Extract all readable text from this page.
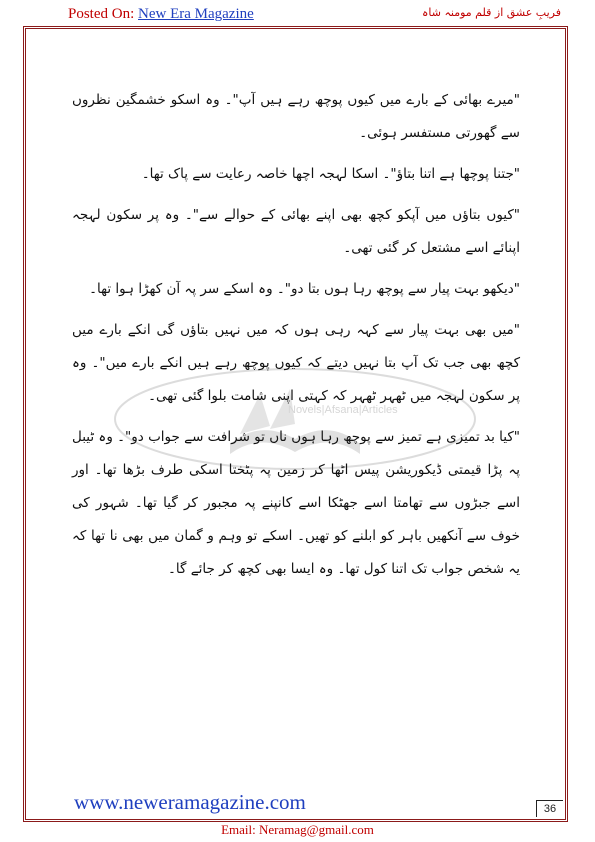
Posted On: New Era Magazine	فریبِ عشق از قلم مومنہ شاہ
Novels|Afsana|Articles

"میرے بھائی کے بارے میں کیوں پوچھ رہے ہیں آپ"۔ وہ اسکو خشمگین نظروں سے گھورتی مستفسر ہوئی۔

"جتنا پوچھا ہے اتنا بتاؤ"۔ اسکا لہجہ اچھا خاصہ رعایت سے پاک تھا۔

"کیوں بتاؤں میں آپکو کچھ بھی اپنے بھائی کے حوالے سے"۔ وہ پر سکون لہجہ اپنائے اسے مشتعل کر گئی تھی۔

"دیکھو بہت پیار سے پوچھ رہا ہوں بتا دو"۔ وہ اسکے سر پہ آن کھڑا ہوا تھا۔

"میں بھی بہت پیار سے کہہ رہی ہوں کہ میں نہیں بتاؤں گی انکے بارے میں کچھ بھی جب تک آپ بتا نہیں دیتے کہ کیوں پوچھ رہے ہیں انکے بارے میں"۔ وہ پر سکون لہجہ میں ٹھہر ٹھہر کہ کہتی اپنی شامت بلوا گئی تھی۔

"کیا بد تمیزی ہے تمیز سے پوچھ رہا ہوں ناں تو شرافت سے جواب دو"۔ وہ ٹیبل پہ پڑا قیمتی ڈیکوریشن پیس اٹھا کر زمین پہ پٹختا اسکی طرف بڑھا تھا۔ اور اسے جبڑوں سے تھامتا اسے جھٹکا اسے کانپنے پہ مجبور کر گیا تھا۔ شہور کی خوف سے آنکھیں باہر کو ابلنے کو تھیں۔ اسکے تو وہم و گمان میں بھی نا تھا کہ یہ شخص جواب تک اتنا کول تھا۔ وہ ایسا بھی کچھ کر جائے گا۔

www.neweramagazine.com	36
Email: Neramag@gmail.com
